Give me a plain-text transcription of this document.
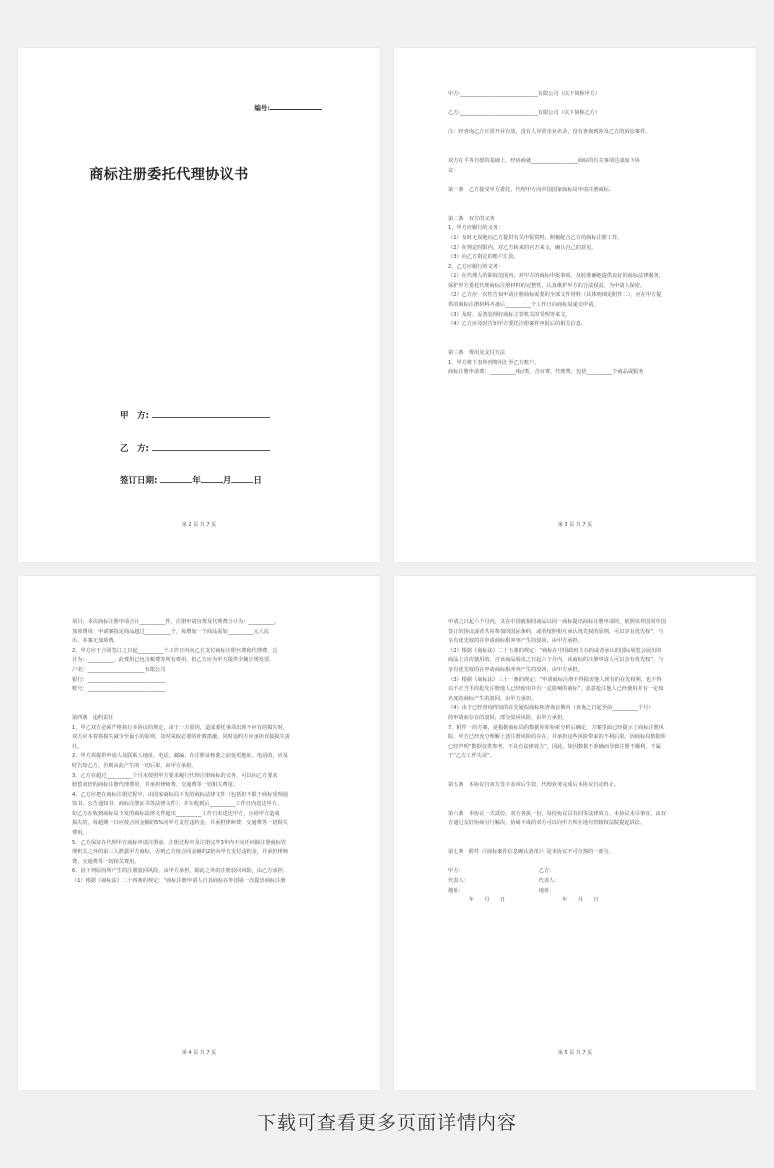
编号:
商标注册委托代理协议书
甲　方:
乙　方:
签订日期:	年	月	日
第 2 页 共 7 页

甲方:______________________________有限公司（以下简称甲方）

乙方:______________________________有限公司（以下简称乙方）

注：经查询乙方正常开业有效，没有人异常企业名录，没有查询到涉及乙方的诉讼案件。

双方在平等自愿的基础上，经协商就__________________商标的有关事项达成如下协

议：

第一条　乙方接受甲方委托，代理甲方向中国国家商标局申请注册商标。

第二条　双方的义务

1、甲方应履行的义务：

（1）及时无误地向乙方提供有关申报资料，积极配合乙方的商标注册工作。

（2）在规定时限内，对乙方转来的官方来文，确认自己的意见。

（3）向乙方指定的账户汇款。

2、乙方应履行的义务：

（1）在代理人的职权范围内，对甲方的商标申报事项，及时准确地提供良好的商标法律服务，

保护甲方委托代理商标注册材料的完整性，认真维护甲方的合法权益，为申请人保密。

（2）乙方应一次性告知申请注册商标需要的全部文件材料（具体明细见附件二），应在甲方提

供的商标注册材料齐备后__________个工作日向商标局递交申请。

（3）及时、妥善处理好商标主管机关的受理等来文。

（4）乙方应及时告知甲方委托注册案件申报后的相关信息。

第三条　费用及支付方法

1、甲方将下表所列费用汇至乙方账户。

商标注册申请费：__________/标/类，含官费、代理费，包括__________个商品或服务

第 3 页 共 7 页

项目；本次商标注册申请合计__________件，注册申请官费及代理费合计为：__________，

加项费用：申请案指定商品超过__________个，每增加一个商品需加__________元人民

币。本案无加项费。

2、甲方应于合同签订之日起__________个工作日内向乙方支付商标注册官费和代理费，总

计为：__________。此费用已包含税费等所有费用，但乙方应为甲方提供全额正规发票。

户名：______________________有限公司

银行：______________________________

账号：______________________________

第四条　违约责任

1、甲乙双方必须严格执行本协议的规定，由于一方原因，造成委托事项出现不应有的损失时，

双方应本着将损失减少至最小的原则，及时采取必要的补救措施，同时违约方应承担直接损失责

任。

2、甲方需提供申请人及联系人地址、电话、邮编，在注册证核准之前变更地址、电话的，应及

时告知乙方，否则由此产生的一切后果，由甲方承担。

3、乙方在超过__________个月未按照甲方要求履行代理注册商标的义务，可以向乙方要求

赔偿双倍的商标注册代理费用，并承担律师费、交通费等一切相关费用。

4、乙方应把在商标注册过程中，由国家商标局下发的商标法律文件（包括但不限于商标受理通

知书、公告通知书、商标注册证书等法律文件），并在收到后__________工作日内送达甲方。

如乙方在收到商标局下发的商标法律文件超出__________工作日未送达甲方，且给甲方造成

损失的，每超期一日应按合同金额的5%向甲方支付违约金，并承担律师费、交通费等一切相关

费用。

5、乙方保证在代理甲方商标申请注册前、注册过程中及注册完毕3年内不向任何除注册商标管

理机关之外的第三人泄露甲方商标，否则乙方按合同金额的2倍向甲方支付违约金，并承担律师

费、交通费等一切相关费用。

6、因下列原因所产生的注册驳回风险，由甲方承担，除此之外的注册驳回风险，由乙方承担。

（1）根据《商标法》二十四条的规定：“商标注册申请人自其商标在外国第一次提出商标注册

第 4 页 共 7 页

申请之日起六个月内，又在中国就相同商品以同一商标提出商标注册申请的，依照该外国同中国

签订的协议或者共同参加的国际条约，或者按照相互承认优先权的原则，可以享有优先权”，与

享有优先权的在申请商标相冲突产生的驳回，由甲方承担。

（2）根据《商标法》二十五条的规定：“商标在中国政府主办的或者承认的国际展览会展出的

商品上首次使用的，自该商品展出之日起六个月内，该商标的注册申请人可以享有优先权”，与

享有优先权的在申请商标相冲突产生的驳回，由甲方承担。

（3）根据《商标法》三十一条的规定：“申请商标注册不得损害他人现有的在先权利，也不得

以不正当手段抢先注册他人已经使用并有一定影响的商标”，恶意抢注他人已经使用并有一定知

名度的商标产生的驳回，由甲方承担。

（4）由于已经查询得知的在先疑似商标和查询盲期内（查询之日起至前__________个月）

的申请而存在的驳回，部分驳回风险，由甲方承担。

7、附件一的方案，是根据商标局的数据库库检索分析后确定，方案里面已经提示了商标注册风

险。甲方已经充分理解上述注册风险的存在，并承担这些风险带来的不利后果。因商标局数据库

已经声明“数据仅供参考，不具有法律效力”，因此，如因数据不准确而导致注册不顺利，不属

于“乙方工作失误”。

第五条　本协议自双方签字盖章后生效，代理业务完成后本协议自动终止。

第六条　本协议一式贰份，双方各执一份，每份协议具有同等法律效力。本协议未尽事宜，由双

方通过友好协商另行解决，协商不成的双方可以向甲方所在地有管辖权法院提起诉讼。

第七条　附件（《商标案件信息确认清单》）是本协议不可分割的一部分。

甲方：　　　　　　　　　　　　　　　乙方：

代表人：　　　　　　　　　　　　　　代表人：

地址：　　　　　　　　　　　　　　　地址：

　　　　年　　月　　日　　　　　　　　　　　年　　月　　日

第 5 页 共 7 页
下载可查看更多页面详情内容
